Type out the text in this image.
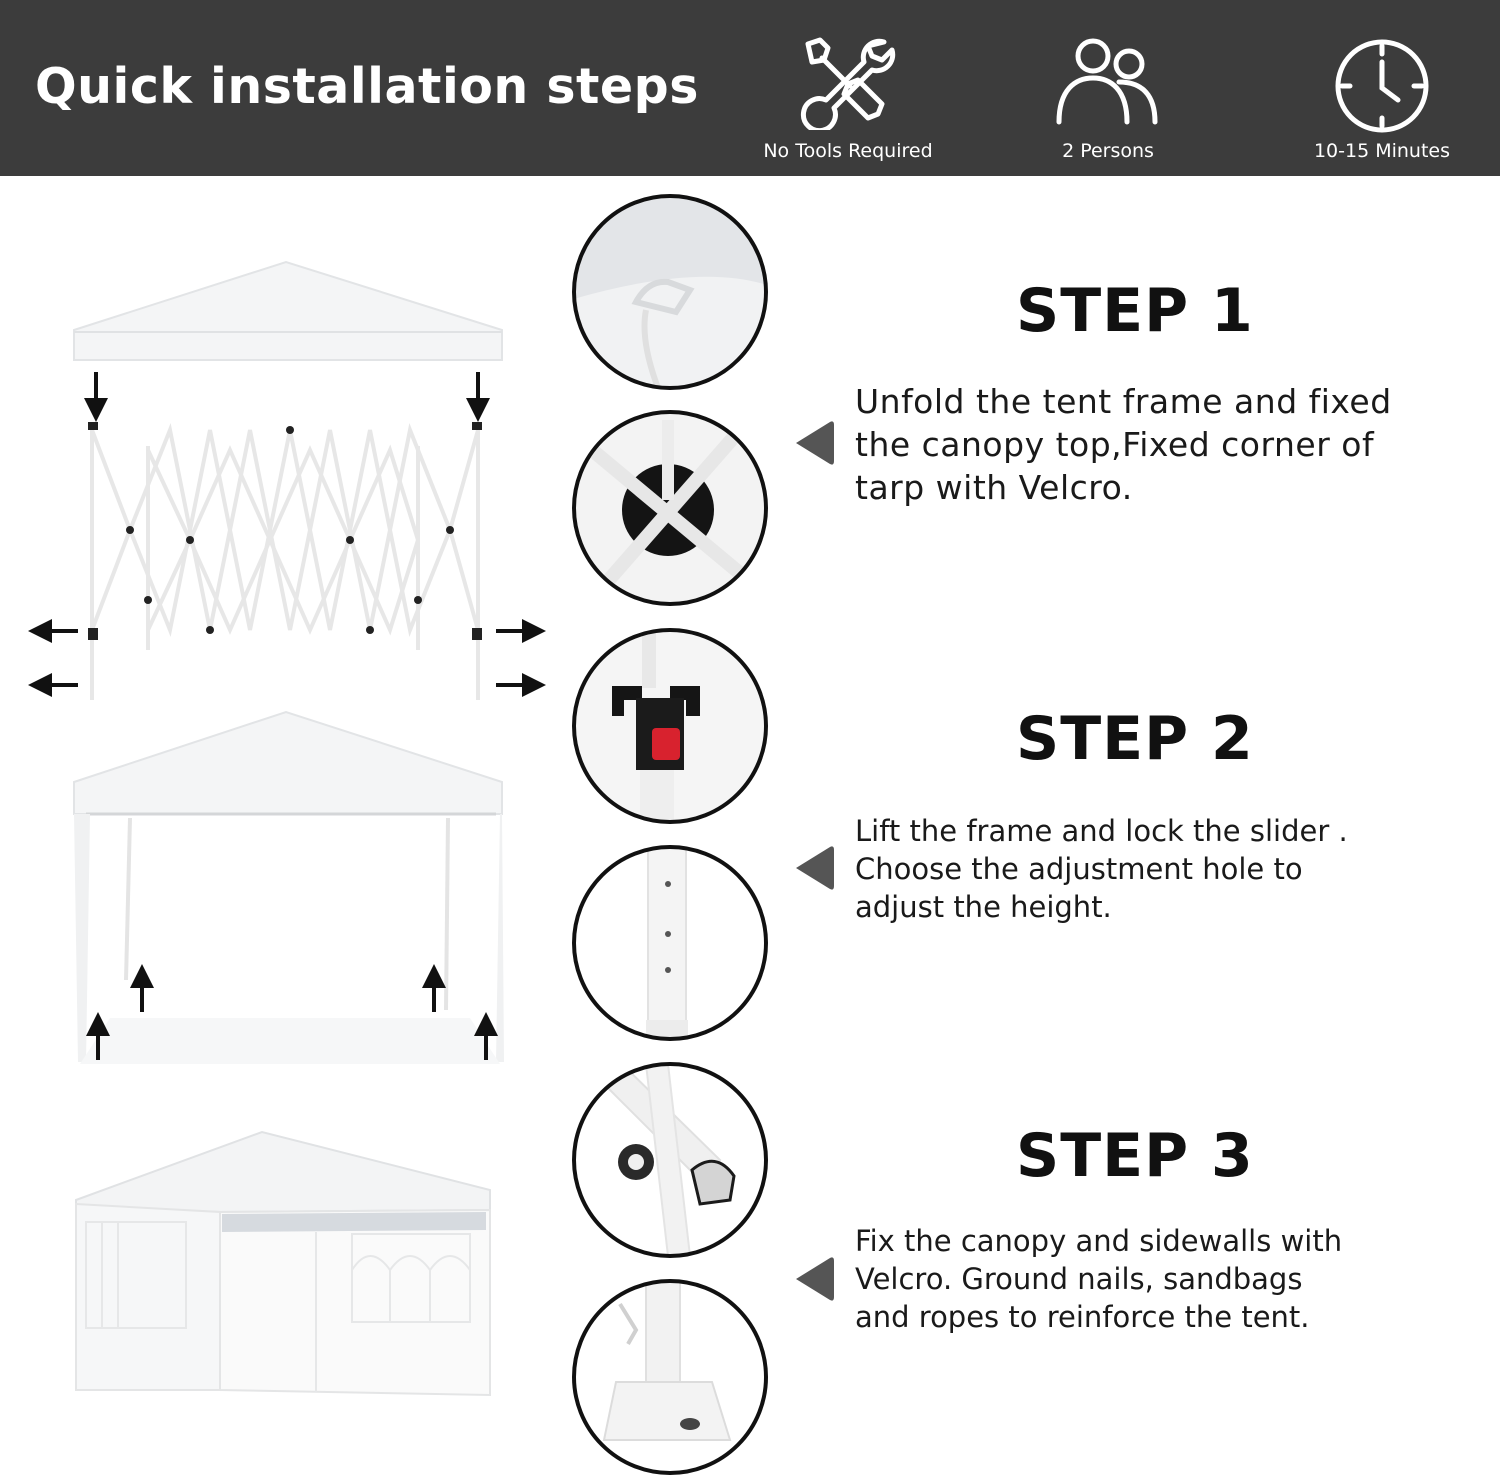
Quick installation steps
No Tools Required	2 Persons	10-15 Minutes
STEP 1
Unfold the tent frame and fixed
the canopy top,Fixed corner of
tarp with Velcro.
STEP 2
Lift the frame and lock the slider .
Choose the adjustment hole to
adjust the height.
STEP 3
Fix the canopy and sidewalls with
Velcro. Ground nails, sandbags
and ropes to reinforce the tent.
